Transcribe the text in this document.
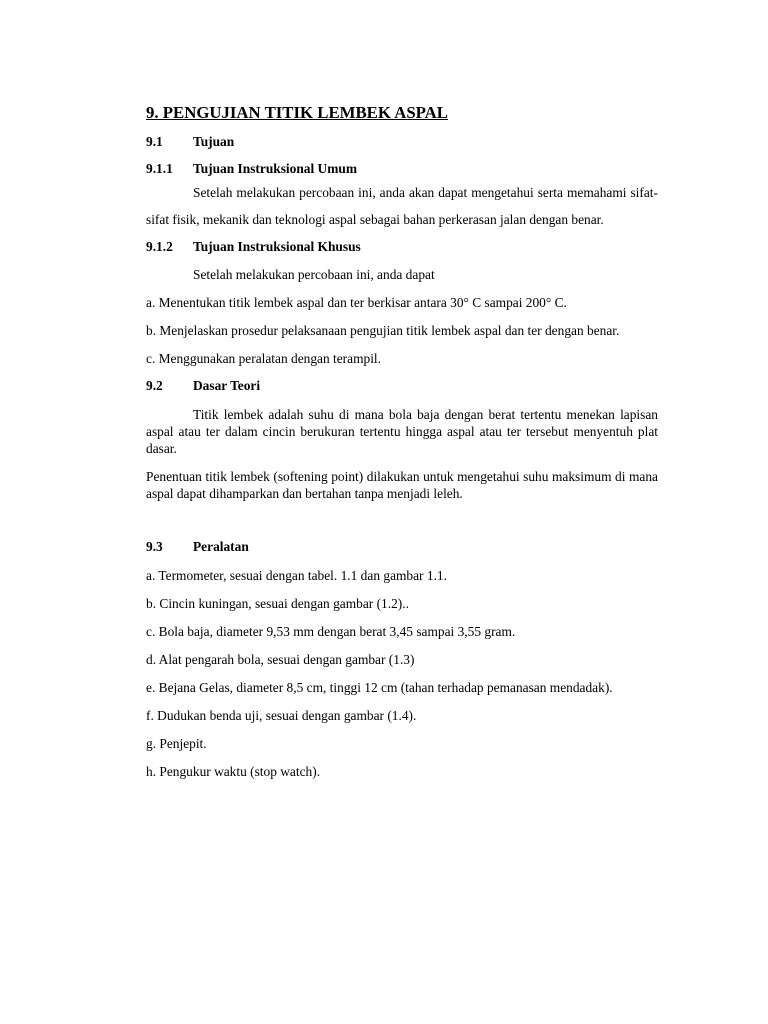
9. PENGUJIAN TITIK LEMBEK ASPAL
9.1	Tujuan
9.1.1	Tujuan Instruksional Umum

Setelah melakukan percobaan ini, anda akan dapat mengetahui serta memahami sifat-sifat fisik, mekanik dan teknologi aspal sebagai bahan perkerasan jalan dengan benar.

9.1.2	Tujuan Instruksional Khusus

Setelah melakukan percobaan ini, anda dapat

a. Menentukan titik lembek aspal dan ter berkisar antara 30° C sampai 200° C.
b. Menjelaskan prosedur pelaksanaan pengujian titik lembek aspal dan ter dengan benar.
c. Menggunakan peralatan dengan terampil.
9.2	Dasar Teori

Titik lembek adalah suhu di mana bola baja dengan berat tertentu menekan lapisan aspal atau ter dalam cincin berukuran tertentu hingga aspal atau ter tersebut menyentuh plat dasar.

Penentuan titik lembek (softening point) dilakukan untuk mengetahui suhu maksimum di mana aspal dapat dihamparkan dan bertahan tanpa menjadi leleh.

9.3	Peralatan
a. Termometer, sesuai dengan tabel. 1.1 dan gambar 1.1.
b. Cincin kuningan, sesuai dengan gambar (1.2)..
c. Bola baja, diameter 9,53 mm dengan berat 3,45 sampai 3,55 gram.
d. Alat pengarah bola, sesuai dengan gambar (1.3)
e. Bejana Gelas, diameter 8,5 cm, tinggi 12 cm (tahan terhadap pemanasan mendadak).
f. Dudukan benda uji, sesuai dengan gambar (1.4).
g. Penjepit.
h. Pengukur waktu (stop watch).
